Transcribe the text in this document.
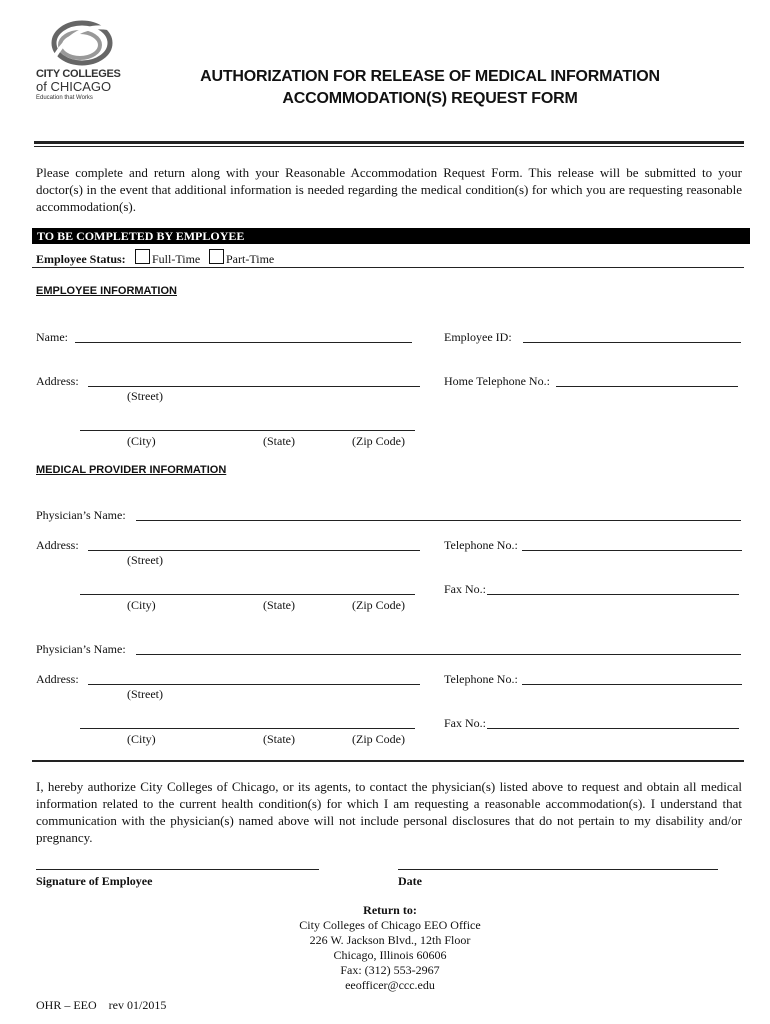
CITY COLLEGES
of CHICAGO
Education that Works
AUTHORIZATION FOR RELEASE OF MEDICAL INFORMATION
ACCOMMODATION(S) REQUEST FORM
Please complete and return along with your Reasonable Accommodation Request Form. This release will be submitted to your doctor(s) in the event that additional information is needed regarding the medical condition(s) for which you are requesting reasonable accommodation(s).
TO BE COMPLETED BY EMPLOYEE
Employee Status: Full-Time Part-Time
EMPLOYEE INFORMATION
Name:	Employee ID:
Address:	Home Telephone No.:
(Street)
(City)	(State)	(Zip Code)
MEDICAL PROVIDER INFORMATION
Physician’s Name:
Address:	Telephone No.:
(Street)
Fax No.:
(City)	(State)	(Zip Code)
Physician’s Name:
Address:	Telephone No.:
(Street)
Fax No.:
(City)	(State)	(Zip Code)
I, hereby authorize City Colleges of Chicago, or its agents, to contact the physician(s) listed above to request and obtain all medical information related to the current health condition(s) for which I am requesting a reasonable accommodation(s). I understand that communication with the physician(s) named above will not include personal disclosures that do not pertain to my disability and/or pregnancy.
Signature of Employee	Date
Return to:
City Colleges of Chicago EEO Office
226 W. Jackson Blvd., 12th Floor
Chicago, Illinois 60606
Fax: (312) 553-2967
eeofficer@ccc.edu
OHR – EEO    rev 01/2015
